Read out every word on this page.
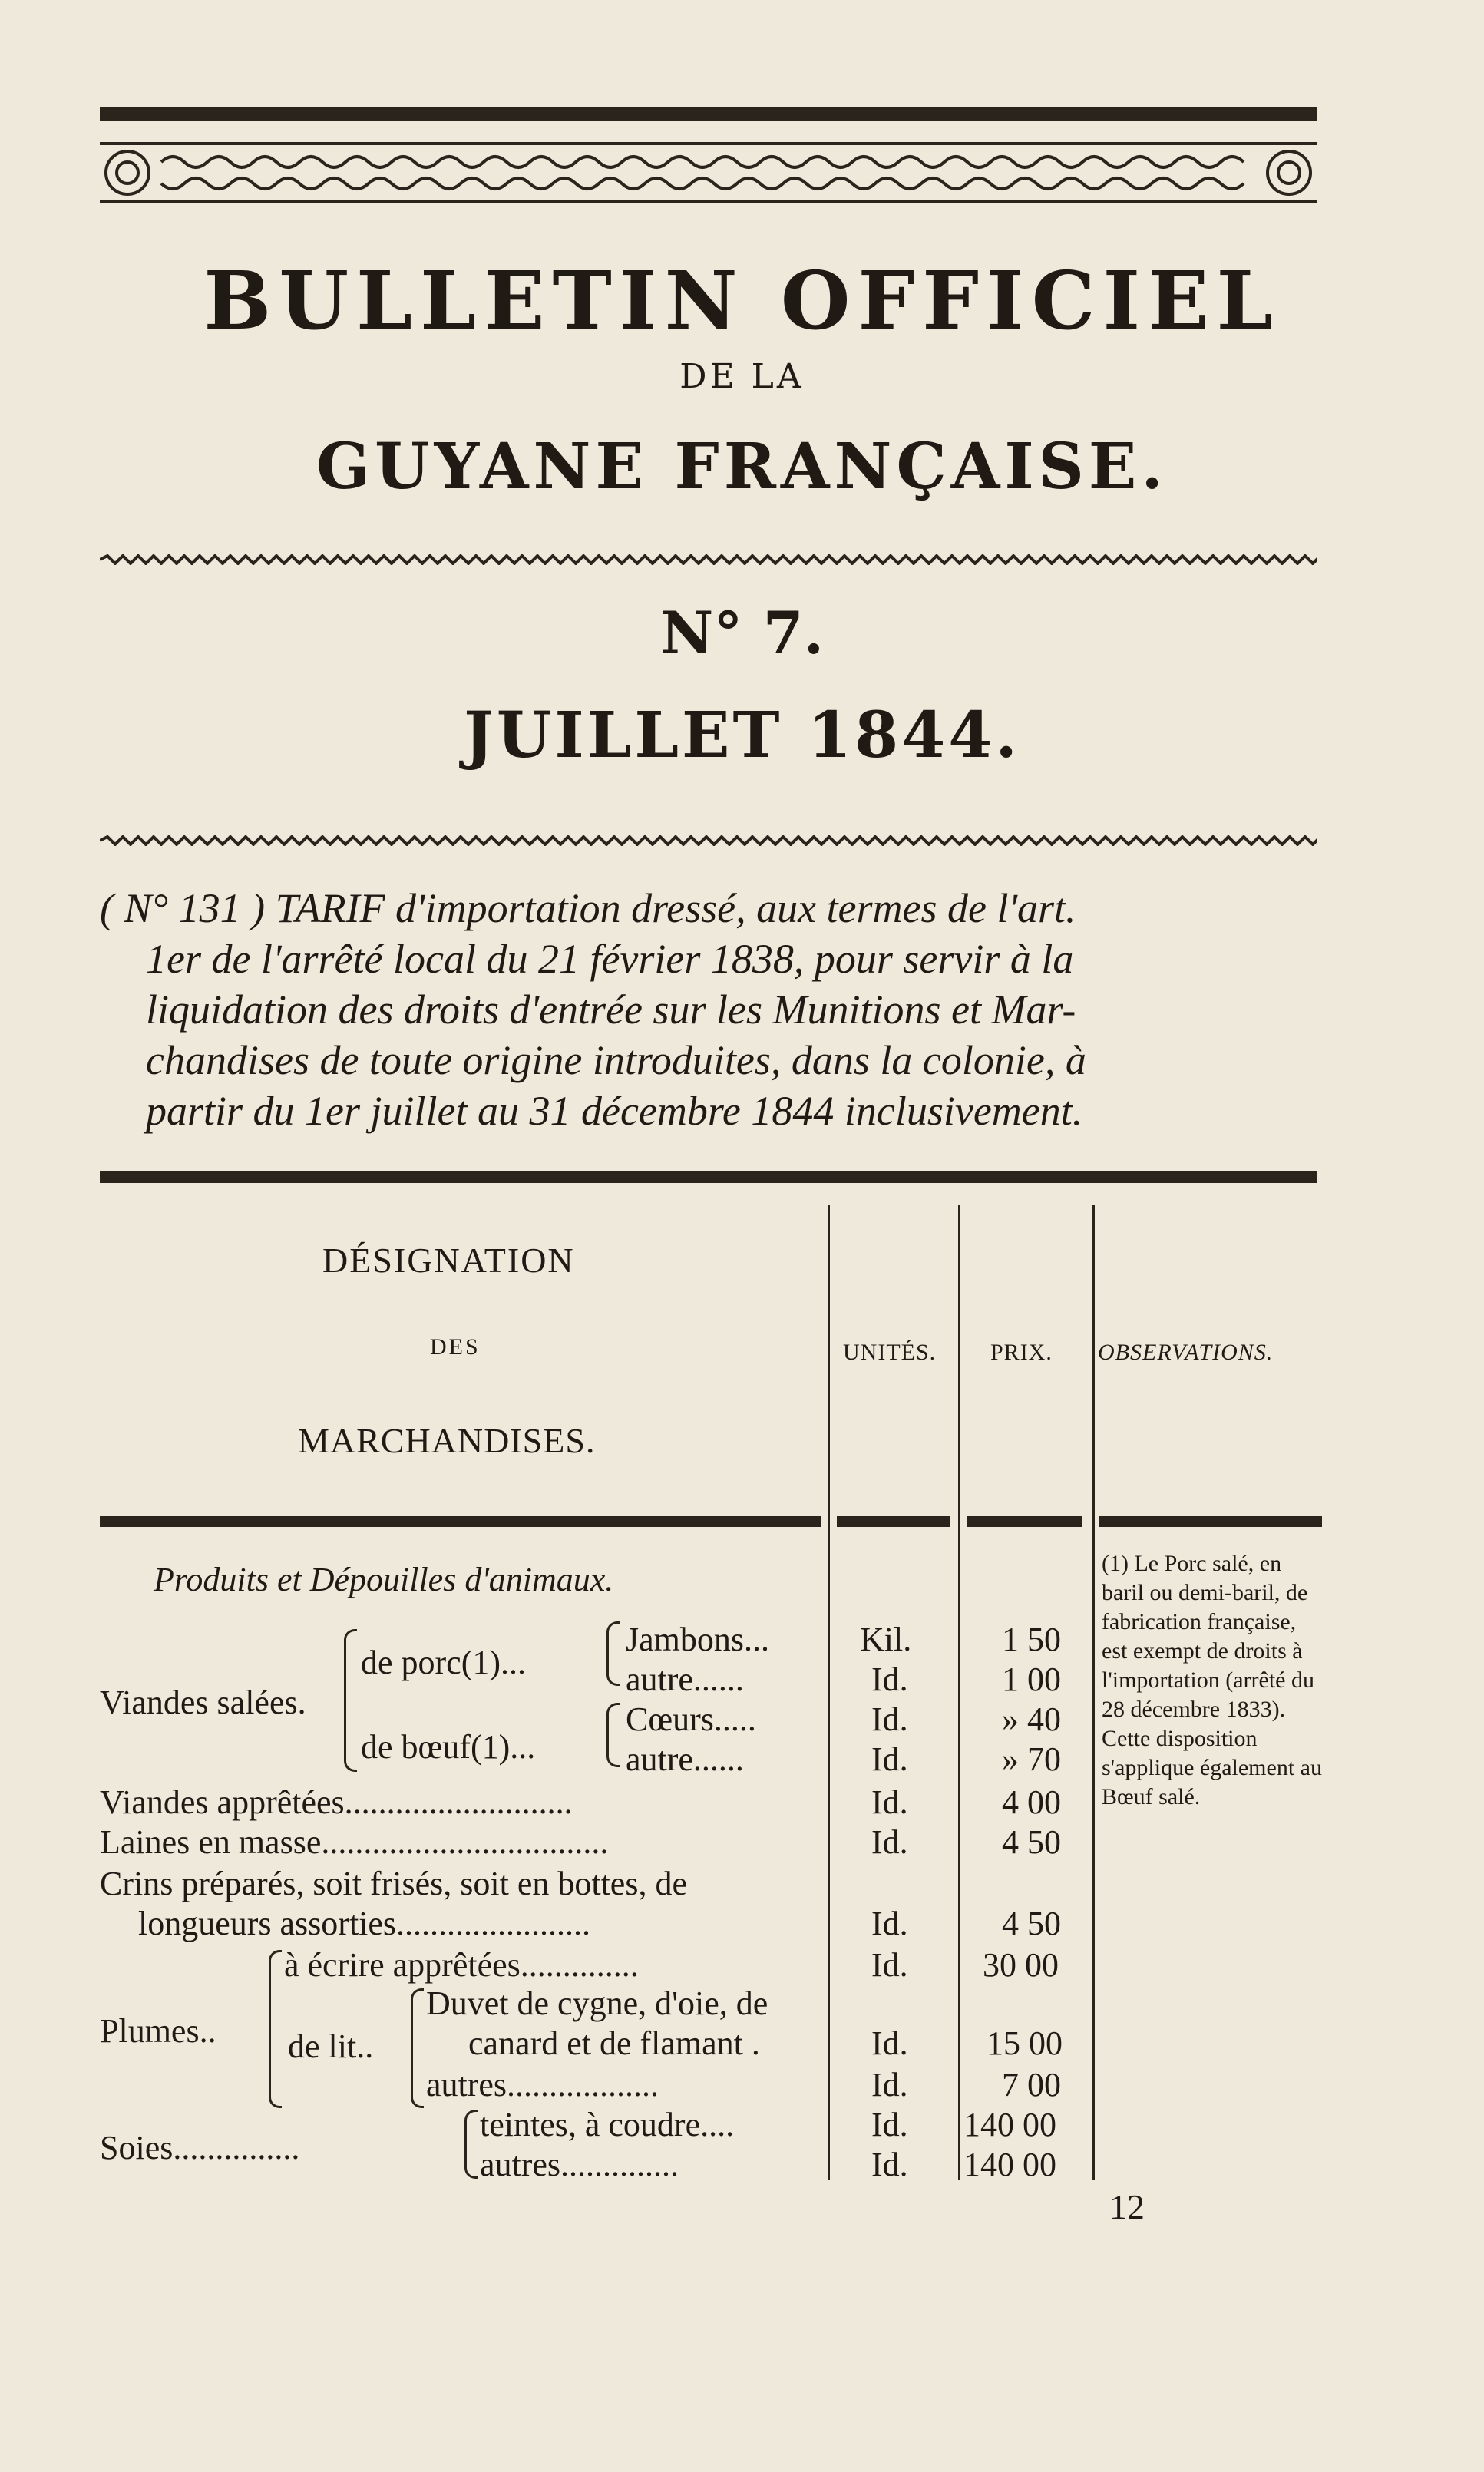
BULLETIN OFFICIEL
DE LA
GUYANE FRANÇAISE.
N° 7.
JUILLET 1844.
( N° 131 ) TARIF d'importation dressé, aux termes de l'art.
1er de l'arrêté local du 21 février 1838, pour servir à la
liquidation des droits d'entrée sur les Munitions et Mar-
chandises de toute origine introduites, dans la colonie, à
partir du 1er juillet au 31 décembre 1844 inclusivement.
DÉSIGNATION
DES
MARCHANDISES.
UNITÉS. PRIX. OBSERVATIONS.
Produits et Dépouilles d'animaux.
Viandes salées.
de porc(1)...
de bœuf(1)...
Jambons...	Kil.	1 50
autre......	Id.	1 00
Cœurs.....	Id.	» 40
autre......	Id.	» 70
Viandes apprêtées...........................	Id.	4 00
Laines en masse..................................	Id.	4 50
Crins préparés, soit frisés, soit en bottes, de
longueurs assorties.......................	Id.	4 50
Plumes..
à écrire apprêtées..............	Id. 30 00
de lit..
Duvet de cygne, d'oie, de
canard et de flamant .	Id. 15 00
autres..................	Id.	7 00
Soies...............
teintes, à coudre....	Id. 140 00
autres..............	Id. 140 00
(1) Le Porc salé, en baril ou demi-baril, de fabrication française, est exempt de droits à l'importation (arrêté du 28 décembre 1833). Cette disposition s'applique également au Bœuf salé.
12
